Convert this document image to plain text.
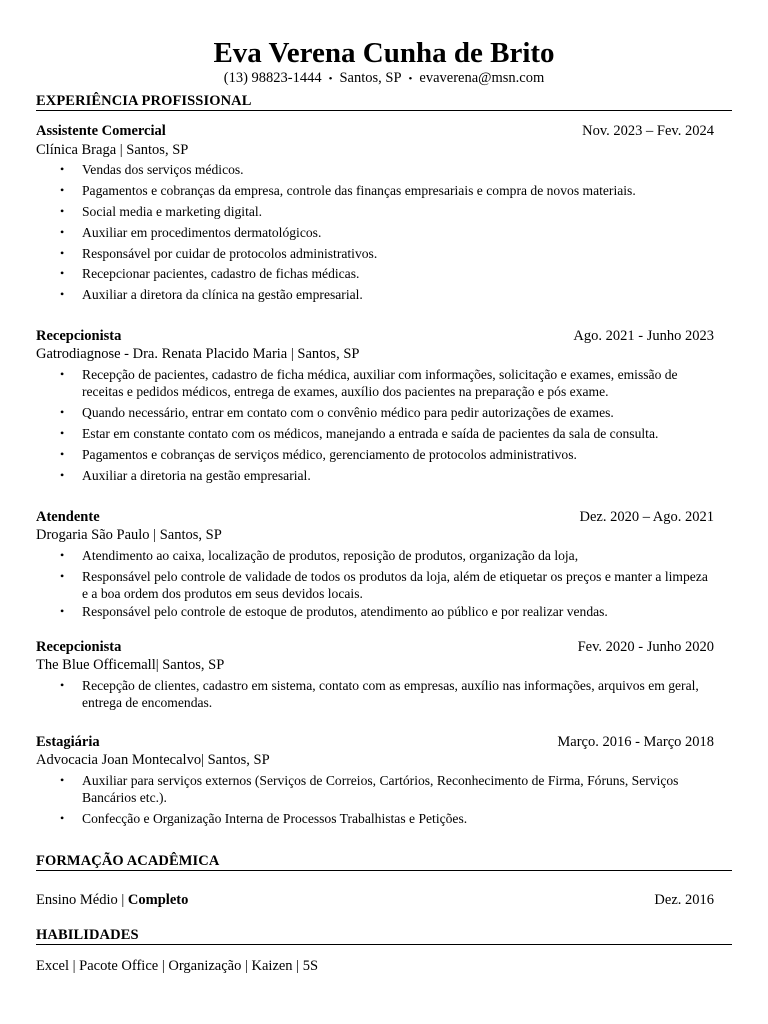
Eva Verena Cunha de Brito
(13) 98823-1444 • Santos, SP • evaverena@msn.com
EXPERIÊNCIA PROFISSIONAL
Assistente Comercial	Nov. 2023 – Fev. 2024
Clínica Braga | Santos, SP
• Vendas dos serviços médicos.
• Pagamentos e cobranças da empresa, controle das finanças empresariais e compra de novos materiais.
• Social media e marketing digital.
• Auxiliar em procedimentos dermatológicos.
• Responsável por cuidar de protocolos administrativos.
• Recepcionar pacientes, cadastro de fichas médicas.
• Auxiliar a diretora da clínica na gestão empresarial.
Recepcionista	Ago. 2021 - Junho 2023
Gatrodiagnose - Dra. Renata Placido Maria | Santos, SP
• Recepção de pacientes, cadastro de ficha médica, auxiliar com informações, solicitação e exames, emissão de receitas e pedidos médicos, entrega de exames, auxílio dos pacientes na preparação e pós exame.
• Quando necessário, entrar em contato com o convênio médico para pedir autorizações de exames.
• Estar em constante contato com os médicos, manejando a entrada e saída de pacientes da sala de consulta.
• Pagamentos e cobranças de serviços médico, gerenciamento de protocolos administrativos.
• Auxiliar a diretoria na gestão empresarial.
Atendente	Dez. 2020 – Ago. 2021
Drogaria São Paulo | Santos, SP
• Atendimento ao caixa, localização de produtos, reposição de produtos, organização da loja,
• Responsável pelo controle de validade de todos os produtos da loja, além de etiquetar os preços e manter a limpeza e a boa ordem dos produtos em seus devidos locais.
• Responsável pelo controle de estoque de produtos, atendimento ao público e por realizar vendas.
Recepcionista	Fev. 2020 - Junho 2020
The Blue Officemall| Santos, SP
• Recepção de clientes, cadastro em sistema, contato com as empresas, auxílio nas informações, arquivos em geral, entrega de encomendas.
Estagiária	Março. 2016 - Março 2018
Advocacia Joan Montecalvo| Santos, SP
• Auxiliar para serviços externos (Serviços de Correios, Cartórios, Reconhecimento de Firma, Fóruns, Serviços Bancários etc.).
• Confecção e Organização Interna de Processos Trabalhistas e Petições.
FORMAÇÃO ACADÊMICA
Ensino Médio | Completo	Dez. 2016
HABILIDADES
Excel | Pacote Office | Organização | Kaizen | 5S
